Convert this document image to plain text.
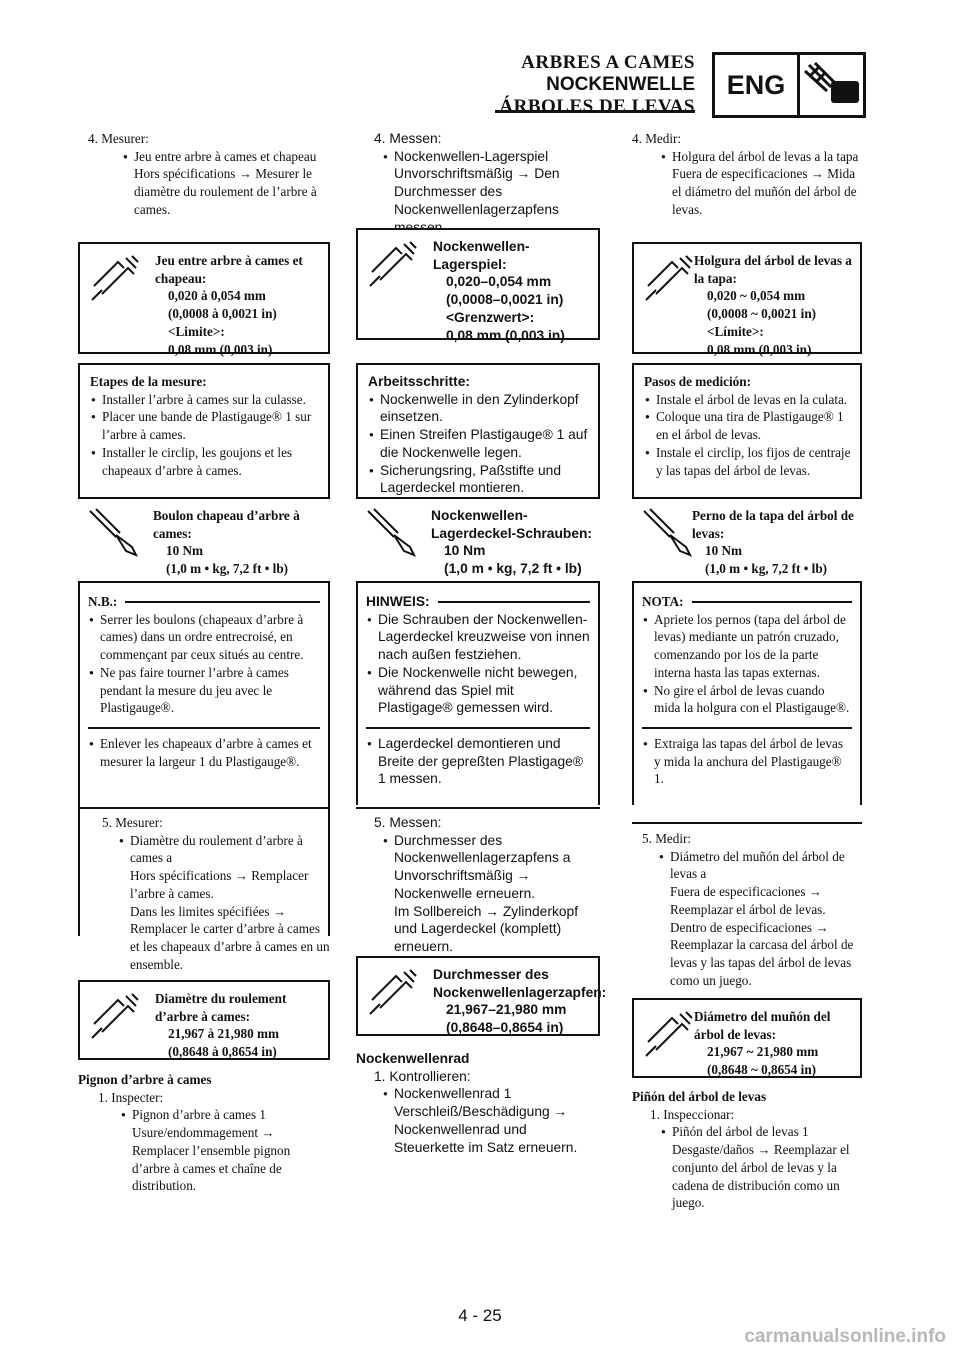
ARBRES A CAMES
NOCKENWELLE
ÁRBOLES DE LEVAS
ENG
4. Mesurer:
● Jeu entre arbre à cames et chapeau
Hors spécifications → Mesurer le diamètre du roulement de l’arbre à cames.
Jeu entre arbre à cames et chapeau:
0,020 à 0,054 mm
(0,0008 à 0,0021 in)
<Limite>:
0,08 mm (0,003 in)
Etapes de la mesure:
● Installer l’arbre à cames sur la culasse.
● Placer une bande de Plastigauge® 1 sur l’arbre à cames.
● Installer le circlip, les goujons et les chapeaux d’arbre à cames.
Boulon chapeau d’arbre à cames:
10 Nm
(1,0 m • kg, 7,2 ft • lb)
N.B.:
● Serrer les boulons (chapeaux d’arbre à cames) dans un ordre entrecroisé, en commençant par ceux situés au centre.
● Ne pas faire tourner l’arbre à cames pendant la mesure du jeu avec le Plastigauge®.
● Enlever les chapeaux d’arbre à cames et mesurer la largeur 1 du Plastigauge®.
5. Mesurer:
● Diamètre du roulement d’arbre à cames a
Hors spécifications → Remplacer l’arbre à cames.
Dans les limites spécifiées → Remplacer le carter d’arbre à cames et les chapeaux d’arbre à cames en un ensemble.
Diamètre du roulement d’arbre à cames:
21,967 à 21,980 mm
(0,8648 à 0,8654 in)
Pignon d’arbre à cames
1. Inspecter:
● Pignon d’arbre à cames 1
Usure/endommagement → Remplacer l’ensemble pignon d’arbre à cames et chaîne de distribution.
4. Messen:
● Nockenwellen-Lagerspiel
Unvorschriftsmäßig → Den Durchmesser des Nockenwellenlagerzapfens
Nockenwellen-Lagerspiel:
0,020–0,054 mm
(0,0008–0,0021 in)
<Grenzwert>:
0,08 mm (0,003 in)
Arbeitsschritte:
● Nockenwelle in den Zylinderkopf einsetzen.
● Einen Streifen Plastigauge® 1 auf die Nockenwelle legen.
● Sicherungsring, Paßstifte und Lagerdeckel montieren.
Nockenwellen-Lagerdeckel-Schrauben:
10 Nm
(1,0 m • kg, 7,2 ft • lb)
HINWEIS:
● Die Schrauben der Nockenwellen-Lagerdeckel kreuzweise von innen nach außen festziehen.
● Die Nockenwelle nicht bewegen, während das Spiel mit Plastigage® gemessen wird.
● Lagerdeckel demontieren und Breite der gepreßten Plastigage® 1 messen.
5. Messen:
● Durchmesser des Nockenwellenlagerzapfens a
Unvorschriftsmäßig → Nockenwelle erneuern.
Im Sollbereich → Zylinderkopf und Lagerdeckel (komplett) erneuern.
Durchmesser des Nockenwellenlagerzapfen:
21,967–21,980 mm
(0,8648–0,8654 in)
Nockenwellenrad
1. Kontrollieren:
● Nockenwellenrad 1
Verschleiß/Beschädigung → Nockenwellenrad und Steuerkette im Satz erneuern.
4. Medir:
● Holgura del árbol de levas a la tapa
Fuera de especificaciones → Mida el diámetro del muñón del árbol de levas.
Holgura del árbol de levas a la tapa:
0,020 ~ 0,054 mm
(0,0008 ~ 0,0021 in)
<Límite>:
0,08 mm (0,003 in)
Pasos de medición:
● Instale el árbol de levas en la culata.
● Coloque una tira de Plastigauge® 1 en el árbol de levas.
● Instale el circlip, los fijos de centraje y las tapas del árbol de levas.
Perno de la tapa del árbol de levas:
10 Nm
(1,0 m • kg, 7,2 ft • lb)
NOTA:
● Apriete los pernos (tapa del árbol de levas) mediante un patrón cruzado, comenzando por los de la parte interna hasta las tapas externas.
● No gire el árbol de levas cuando mida la holgura con el Plastigauge®.
● Extraiga las tapas del árbol de levas y mida la anchura del Plastigauge® 1.
5. Medir:
● Diámetro del muñón del árbol de levas a
Fuera de especificaciones → Reemplazar el árbol de levas.
Dentro de especificaciones → Reemplazar la carcasa del árbol de levas y las tapas del árbol de levas como un juego.
Diámetro del muñón del árbol de levas:
21,967 ~ 21,980 mm
(0,8648 ~ 0,8654 in)
Piñón del árbol de levas
1. Inspeccionar:
● Piñón del árbol de levas 1
Desgaste/daños → Reemplazar el conjunto del árbol de levas y la cadena de distribución como un juego.
4 - 25
carmanualsonline.info
